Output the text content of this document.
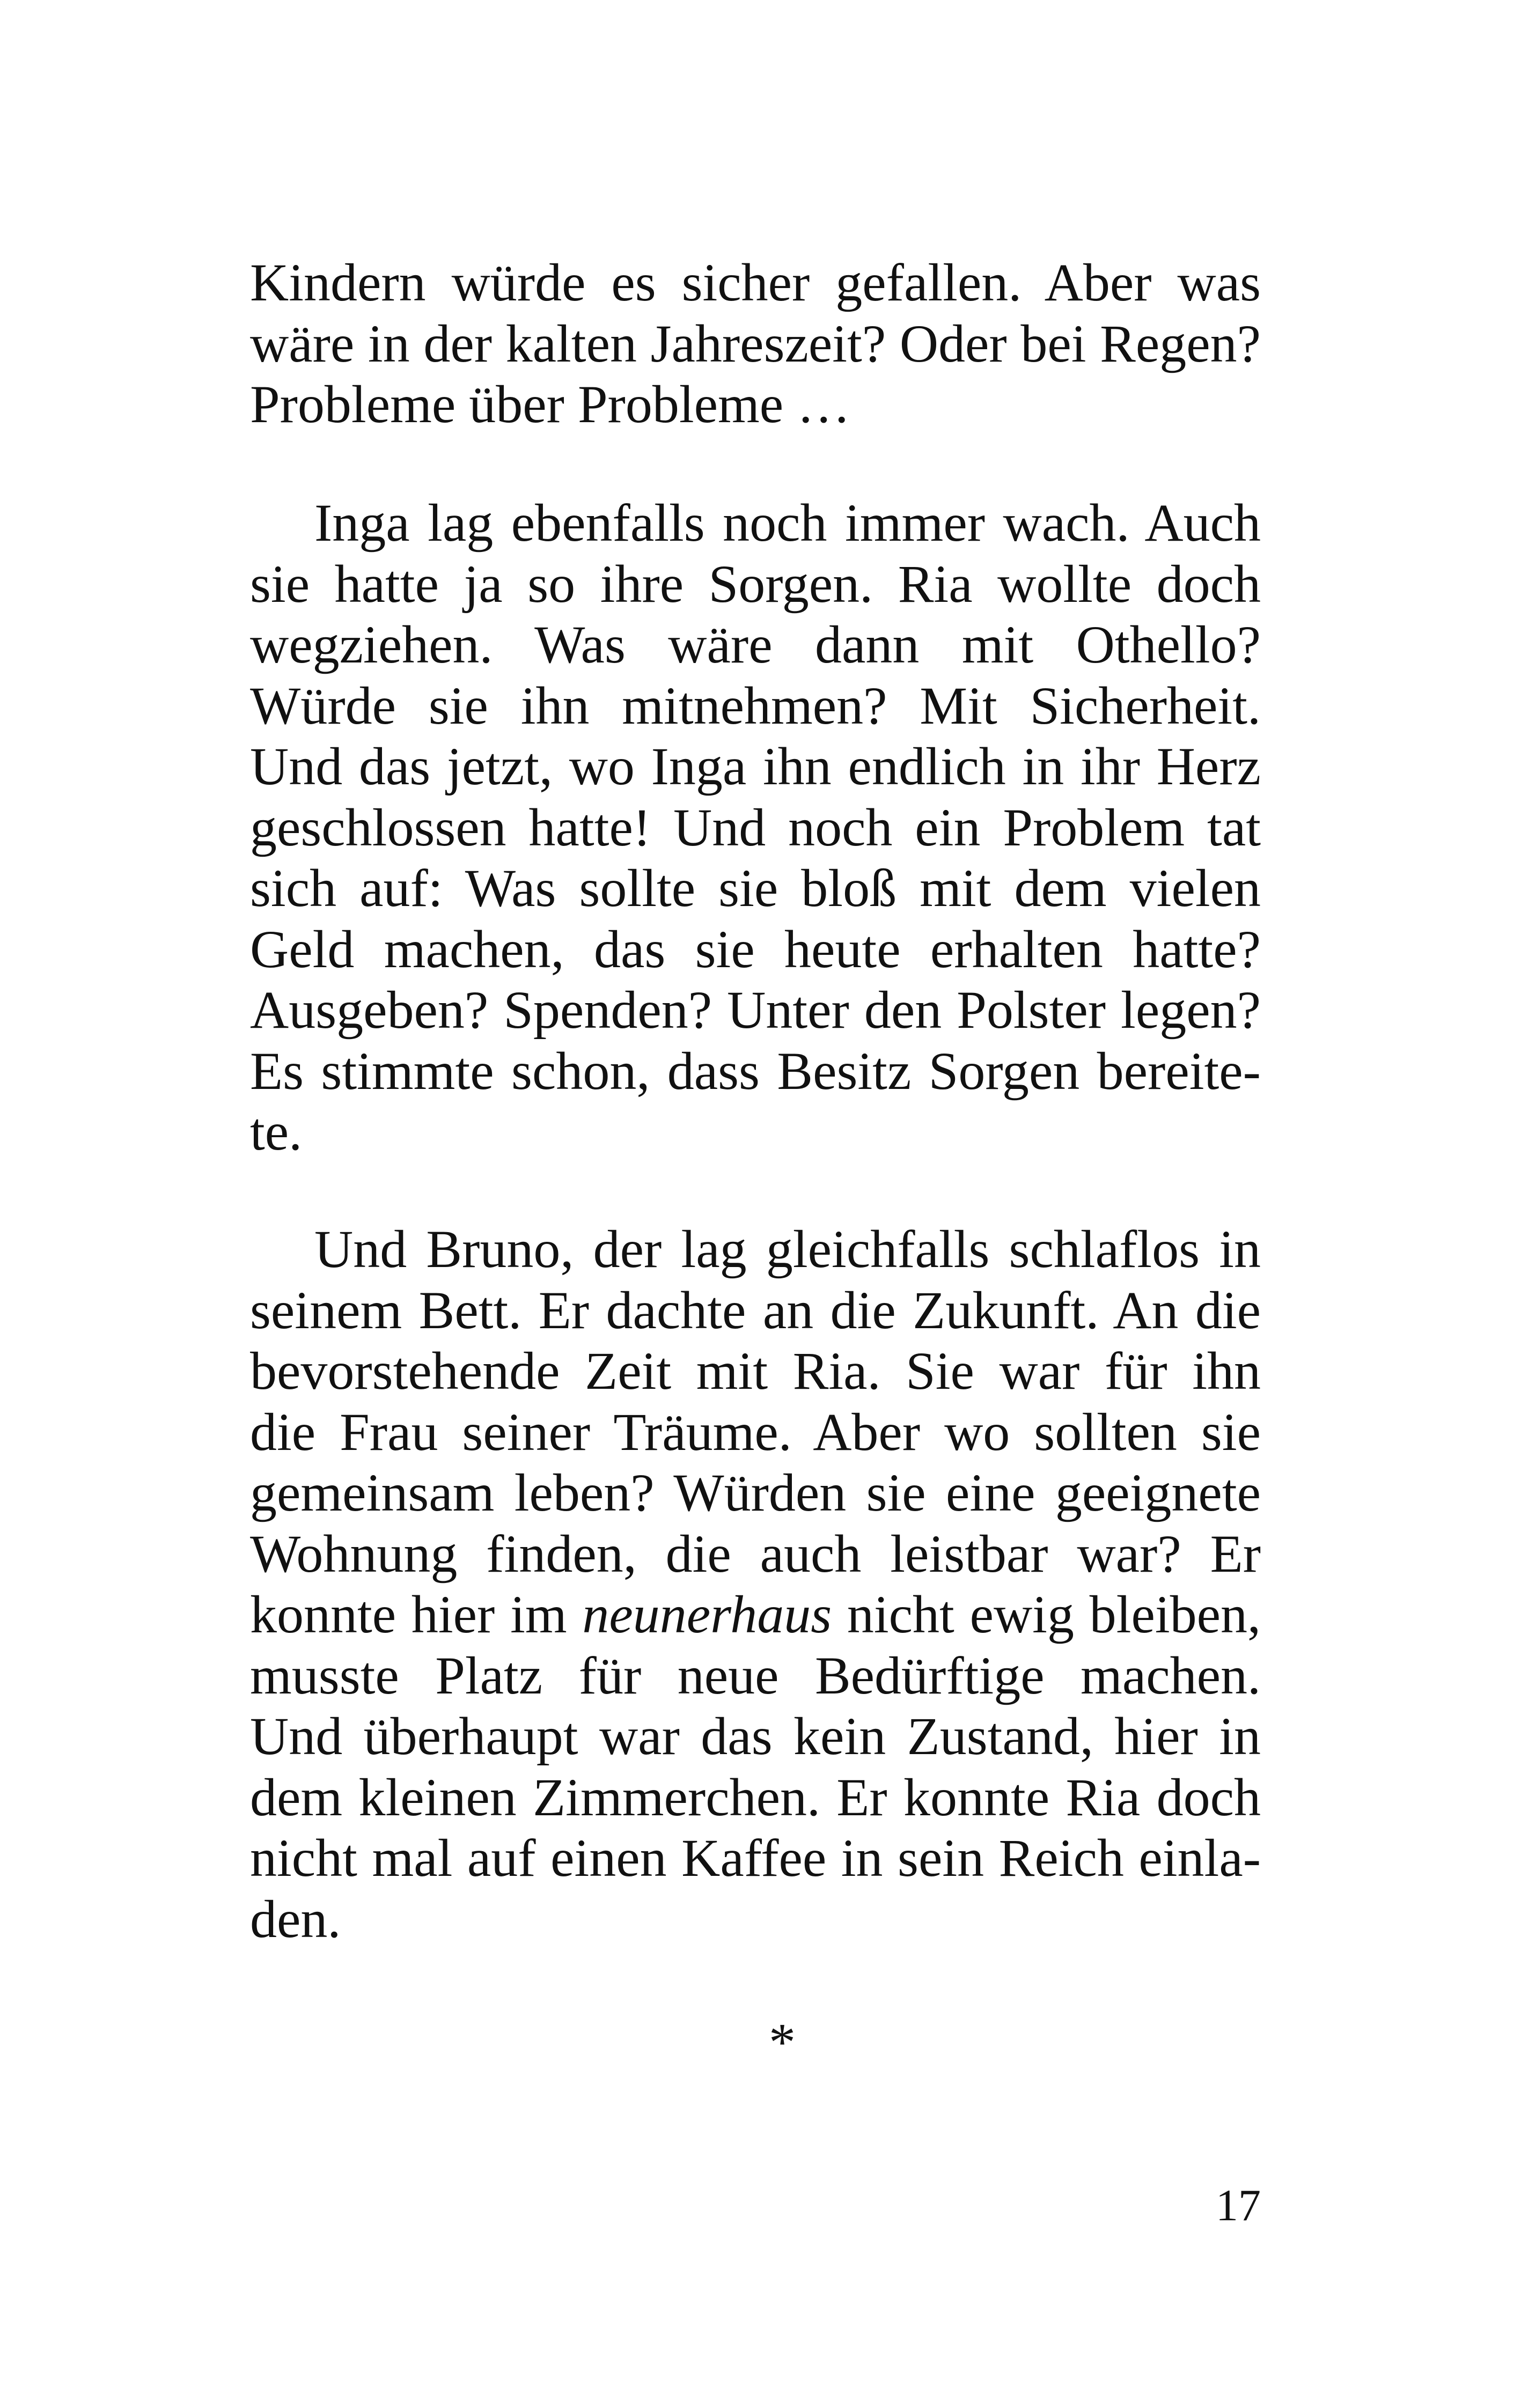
Kindern würde es sicher gefallen. Aber was
wäre in der kalten Jahreszeit? Oder bei Regen?
Probleme über Probleme …
Inga lag ebenfalls noch immer wach. Auch
sie hatte ja so ihre Sorgen. Ria wollte doch
wegziehen. Was wäre dann mit Othello?
Würde sie ihn mitnehmen? Mit Sicherheit.
Und das jetzt, wo Inga ihn endlich in ihr Herz
geschlossen hatte! Und noch ein Problem tat
sich auf: Was sollte sie bloß mit dem vielen
Geld machen, das sie heute erhalten hatte?
Ausgeben? Spenden? Unter den Polster legen?
Es stimmte schon, dass Besitz Sorgen bereite-
te.
Und Bruno, der lag gleichfalls schlaflos in
seinem Bett. Er dachte an die Zukunft. An die
bevorstehende Zeit mit Ria. Sie war für ihn
die Frau seiner Träume. Aber wo sollten sie
gemeinsam leben? Würden sie eine geeignete
Wohnung finden, die auch leistbar war? Er
konnte hier im neunerhaus nicht ewig bleiben,
musste Platz für neue Bedürftige machen.
Und überhaupt war das kein Zustand, hier in
dem kleinen Zimmerchen. Er konnte Ria doch
nicht mal auf einen Kaffee in sein Reich einla-
den.
*
17
